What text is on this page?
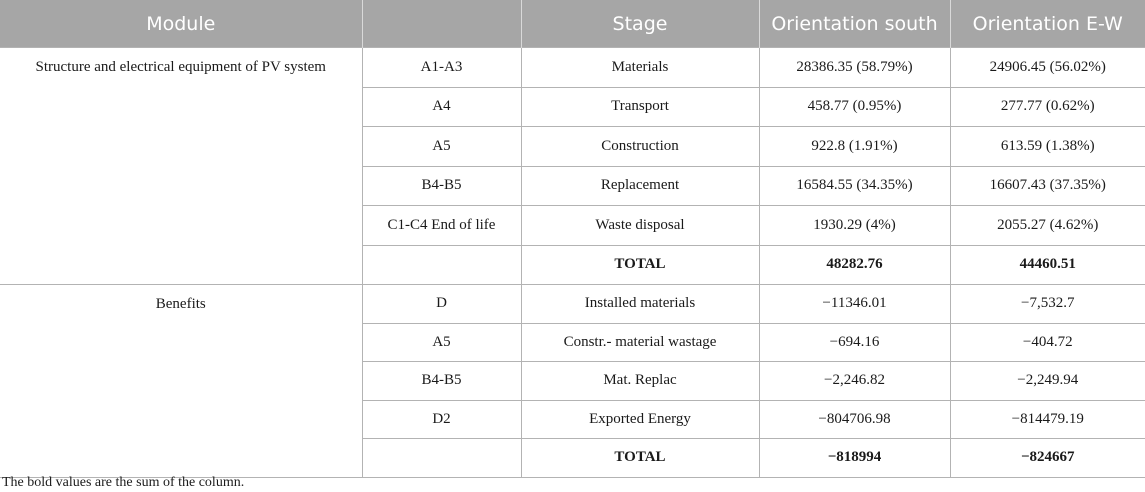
Module		Stage	Orientation south	Orientation E-W
Structure and electrical equipment of PV system	A1-A3	Materials	28386.35 (58.79%)	24906.45 (56.02%)
	A4	Transport	458.77 (0.95%)	277.77 (0.62%)
	A5	Construction	922.8 (1.91%)	613.59 (1.38%)
	B4-B5	Replacement	16584.55 (34.35%)	16607.43 (37.35%)
	C1-C4 End of life	Waste disposal	1930.29 (4%)	2055.27 (4.62%)
		TOTAL	48282.76	44460.51
Benefits	D	Installed materials	−11346.01	−7,532.7
	A5	Constr.- material wastage	−694.16	−404.72
	B4-B5	Mat. Replac	−2,246.82	−2,249.94
	D2	Exported Energy	−804706.98	−814479.19
		TOTAL	−818994	−824667
The bold values are the sum of the column.
